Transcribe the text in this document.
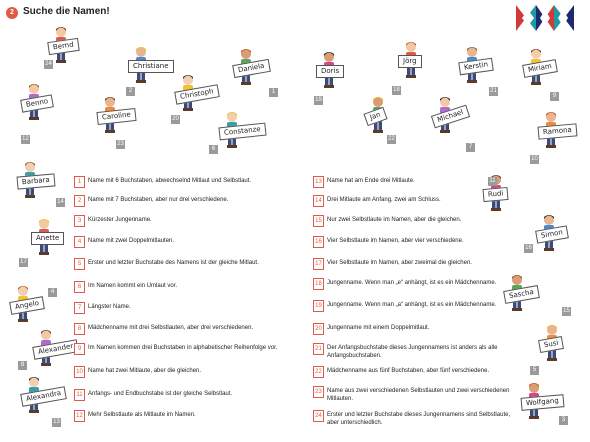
2 Suche die Namen!
Bernd
24	Christiane
2	Christoph
20
Daniela
1
Benno
12
Caroline
23
Constanze
6
Doris
19
Jörg
18
Kerstin
21
Miriam
9
Jan
22
Michael
7
Ramona
10
Barbara
14
Rudi
11
Anette
17
Simon
16
Angelo
4	Sascha
15
Alexander
8
Susi
5
Alexandra
13
Wolfgang
3
1	Name mit 6 Buchstaben, abwechselnd Mitlaut und Selbstlaut.
2	Name mit 7 Buchstaben, aber nur drei verschiedene.
3	Kürzester Jungenname.
4	Name mit zwei Doppelmitlauten.
5	Erster und letzter Buchstabe des Namens ist der gleiche Mitlaut.
6	Im Namen kommt ein Umlaut vor.
7	Längster Name.
8	Mädchenname mit drei Selbstlauten, aber drei verschiedenen.
9	Im Namen kommen drei Buchstaben in alphabetischer Reihenfolge vor.
10 Name hat zwei Mitlaute, aber die gleichen.
11 Anfangs- und Endbuchstabe ist der gleiche Selbstlaut.
12 Mehr Selbstlaute als Mitlaute im Namen.
13 Name hat am Ende drei Mitlaute.
14 Drei Mitlaute am Anfang, zwei am Schluss.
15 Nur zwei Selbstlaute im Namen, aber die gleichen.
16 Vier Selbstlaute im Namen, aber vier verschiedene.
17 Vier Selbstlaute im Namen, aber zweimal die gleichen.
18 Jungenname. Wenn man „e“ anhängt, ist es ein Mädchenname.
19 Jungenname. Wenn man „a“ anhängt, ist es ein Mädchenname.
20 Jungenname mit einem Doppelmitlaut.
21 Der Anfangsbuchstabe dieses Jungennamens ist anders als alle Anfangsbuchstaben.
22 Mädchenname aus fünf Buchstaben, aber fünf verschiedene.
23 Name aus zwei verschiedenen Selbstlauten und zwei verschiedenen Mitlauten.
24 Erster und letzter Buchstabe dieses Jungennamens sind Selbstlaute, aber unterschiedlich.
